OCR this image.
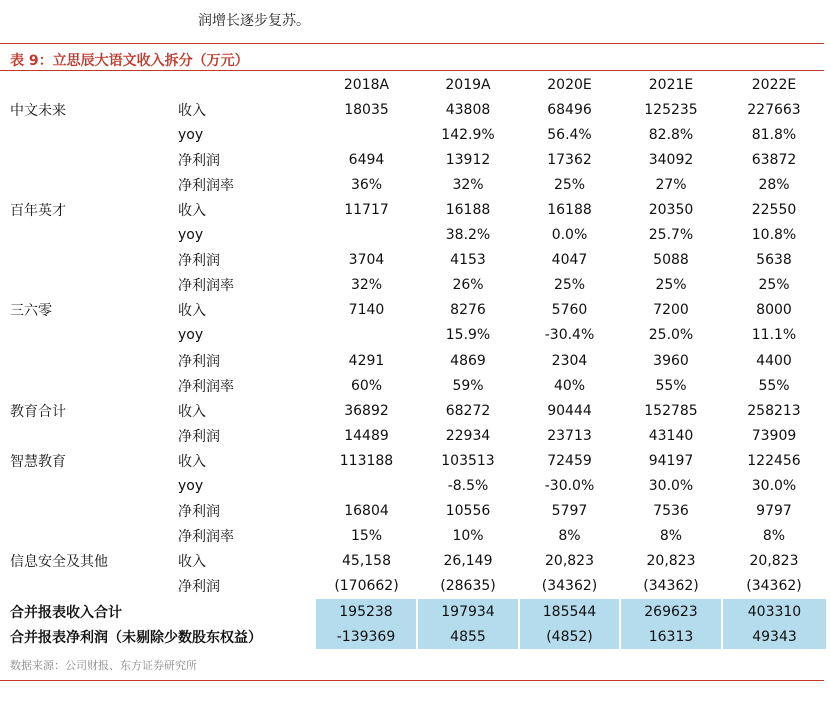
润增长逐步复苏。
表 9：立思辰大语文收入拆分（万元）
		2018A	2019A	2020E	2021E	2022E
中文未来	收入	18035	43808	68496	125235	227663
	yoy		142.9%	56.4%	82.8%	81.8%
	净利润	6494	13912	17362	34092	63872
	净利润率	36%	32%	25%	27%	28%
百年英才	收入	11717	16188	16188	20350	22550
	yoy		38.2%	0.0%	25.7%	10.8%
	净利润	3704	4153	4047	5088	5638
	净利润率	32%	26%	25%	25%	25%
三六零	收入	7140	8276	5760	7200	8000
	yoy		15.9%	-30.4%	25.0%	11.1%
	净利润	4291	4869	2304	3960	4400
	净利润率	60%	59%	40%	55%	55%
教育合计	收入	36892	68272	90444	152785	258213
	净利润	14489	22934	23713	43140	73909
智慧教育	收入	113188	103513	72459	94197	122456
	yoy		-8.5%	-30.0%	30.0%	30.0%
	净利润	16804	10556	5797	7536	9797
	净利润率	15%	10%	8%	8%	8%
信息安全及其他	收入	45,158	26,149	20,823	20,823	20,823
	净利润	(170662)	(28635)	(34362)	(34362)	(34362)
合并报表收入合计		195238	197934	185544	269623	403310
合并报表净利润（未剔除少数股东权益）		-139369	4855	(4852)	16313	49343
数据来源：公司财报、东方证券研究所
